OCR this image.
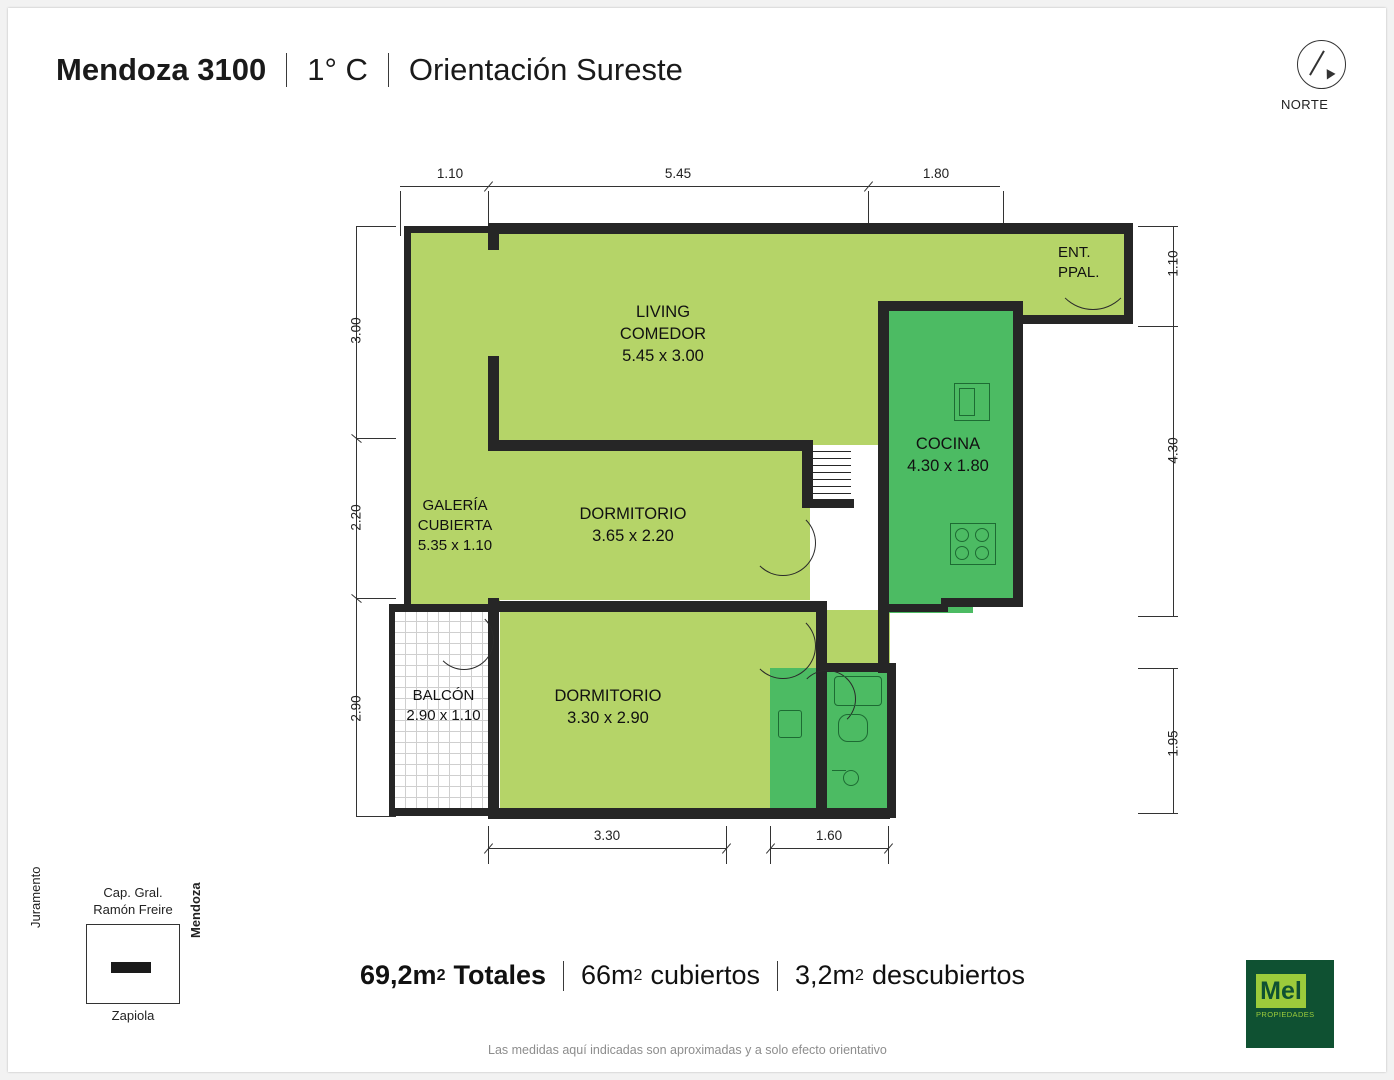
Mendoza 3100 1° C Orientación Sureste
NORTE
1.10	5.45	1.80
3.00
2.20
2.90
1.10
4.30
1.95
3.30	1.60
LIVING
COMEDOR
5.45 x 3.00
COCINA
4.30 x 1.80
GALERÍA
CUBIERTA
5.35 x 1.10
DORMITORIO
3.65 x 2.20
DORMITORIO
3.30 x 2.90
BALCÓN
2.90 x 1.10
ENT.
PPAL.
Cap. Gral.
Ramón Freire
Zapiola
Juramento	Mendoza
69,2m 2 Totales 66m 2 cubiertos 3,2m 2 descubiertos
Las medidas aquí indicadas son aproximadas y a solo efecto orientativo
Mel
PROPIEDADES
